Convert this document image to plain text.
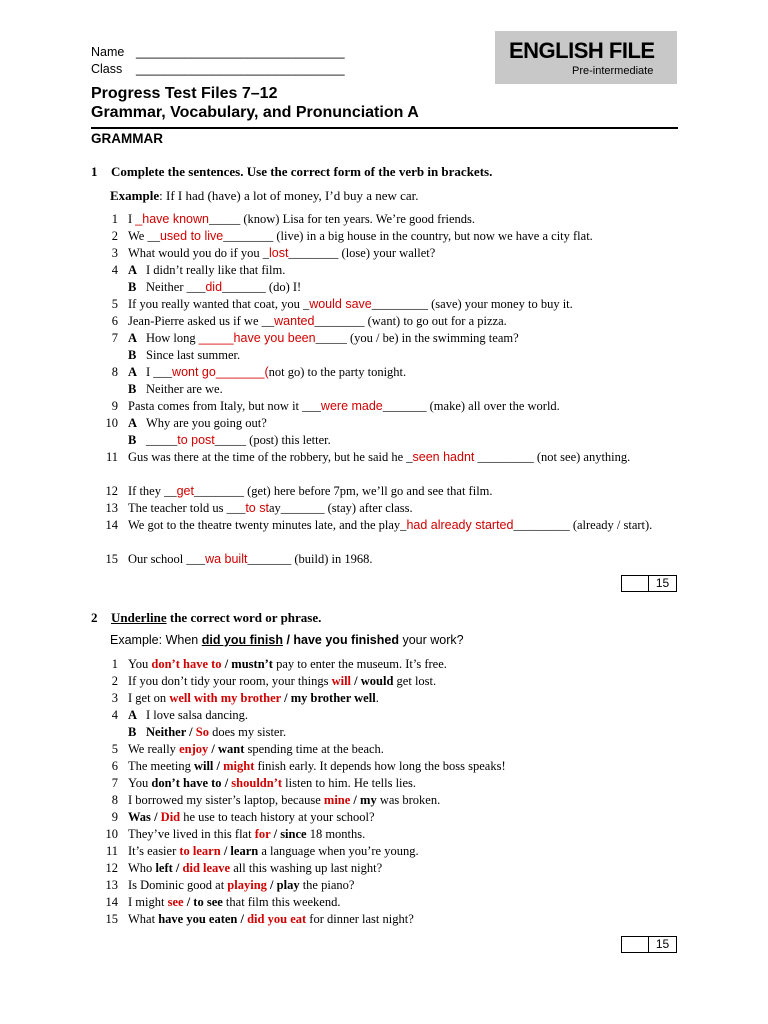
Name ______________________________
Class ______________________________
ENGLISH FILE
Pre-intermediate
Progress Test Files 7–12
Grammar, Vocabulary, and Pronunciation A
GRAMMAR
1 Complete the sentences. Use the correct form of the verb in brackets.
Example: If I had (have) a lot of money, I’d buy a new car.
1 I _have known_____ (know) Lisa for ten years. We’re good friends.
2 We __used to live________ (live) in a big house in the country, but now we have a city flat.
3 What would you do if you _lost________ (lose) your wallet?
4 A I didn’t really like that film.
B Neither ___did_______ (do) I!
5 If you really wanted that coat, you _would save_________ (save) your money to buy it.
6 Jean-Pierre asked us if we __wanted________ (want) to go out for a pizza.
7 A How long _____have you been_____ (you / be) in the swimming team?
B Since last summer.
8 A I ___wont go_______(not go) to the party tonight.
B Neither are we.
9 Pasta comes from Italy, but now it ___were made_______ (make) all over the world.
10 A Why are you going out?
B _____to post_____ (post) this letter.
11 Gus was there at the time of the robbery, but he said he _seen hadnt _________ (not see) anything.
12 If they __get________ (get) here before 7pm, we’ll go and see that film.
13 The teacher told us ___to stay_______ (stay) after class.
14 We got to the theatre twenty minutes late, and the play_had already started_________ (already / start).
15 Our school ___wa built_______ (build) in 1968.
15
2 Underline the correct word or phrase.
Example: When did you finish / have you finished your work?
1 You don’t have to / mustn’t pay to enter the museum. It’s free.
2 If you don’t tidy your room, your things will / would get lost.
3 I get on well with my brother / my brother well.
4 A I love salsa dancing.
B Neither / So does my sister.
5 We really enjoy / want spending time at the beach.
6 The meeting will / might finish early. It depends how long the boss speaks!
7 You don’t have to / shouldn’t listen to him. He tells lies.
8 I borrowed my sister’s laptop, because mine / my was broken.
9 Was / Did he use to teach history at your school?
10 They’ve lived in this flat for / since 18 months.
11 It’s easier to learn / learn a language when you’re young.
12 Who left / did leave all this washing up last night?
13 Is Dominic good at playing / play the piano?
14 I might see / to see that film this weekend.
15 What have you eaten / did you eat for dinner last night?
15
